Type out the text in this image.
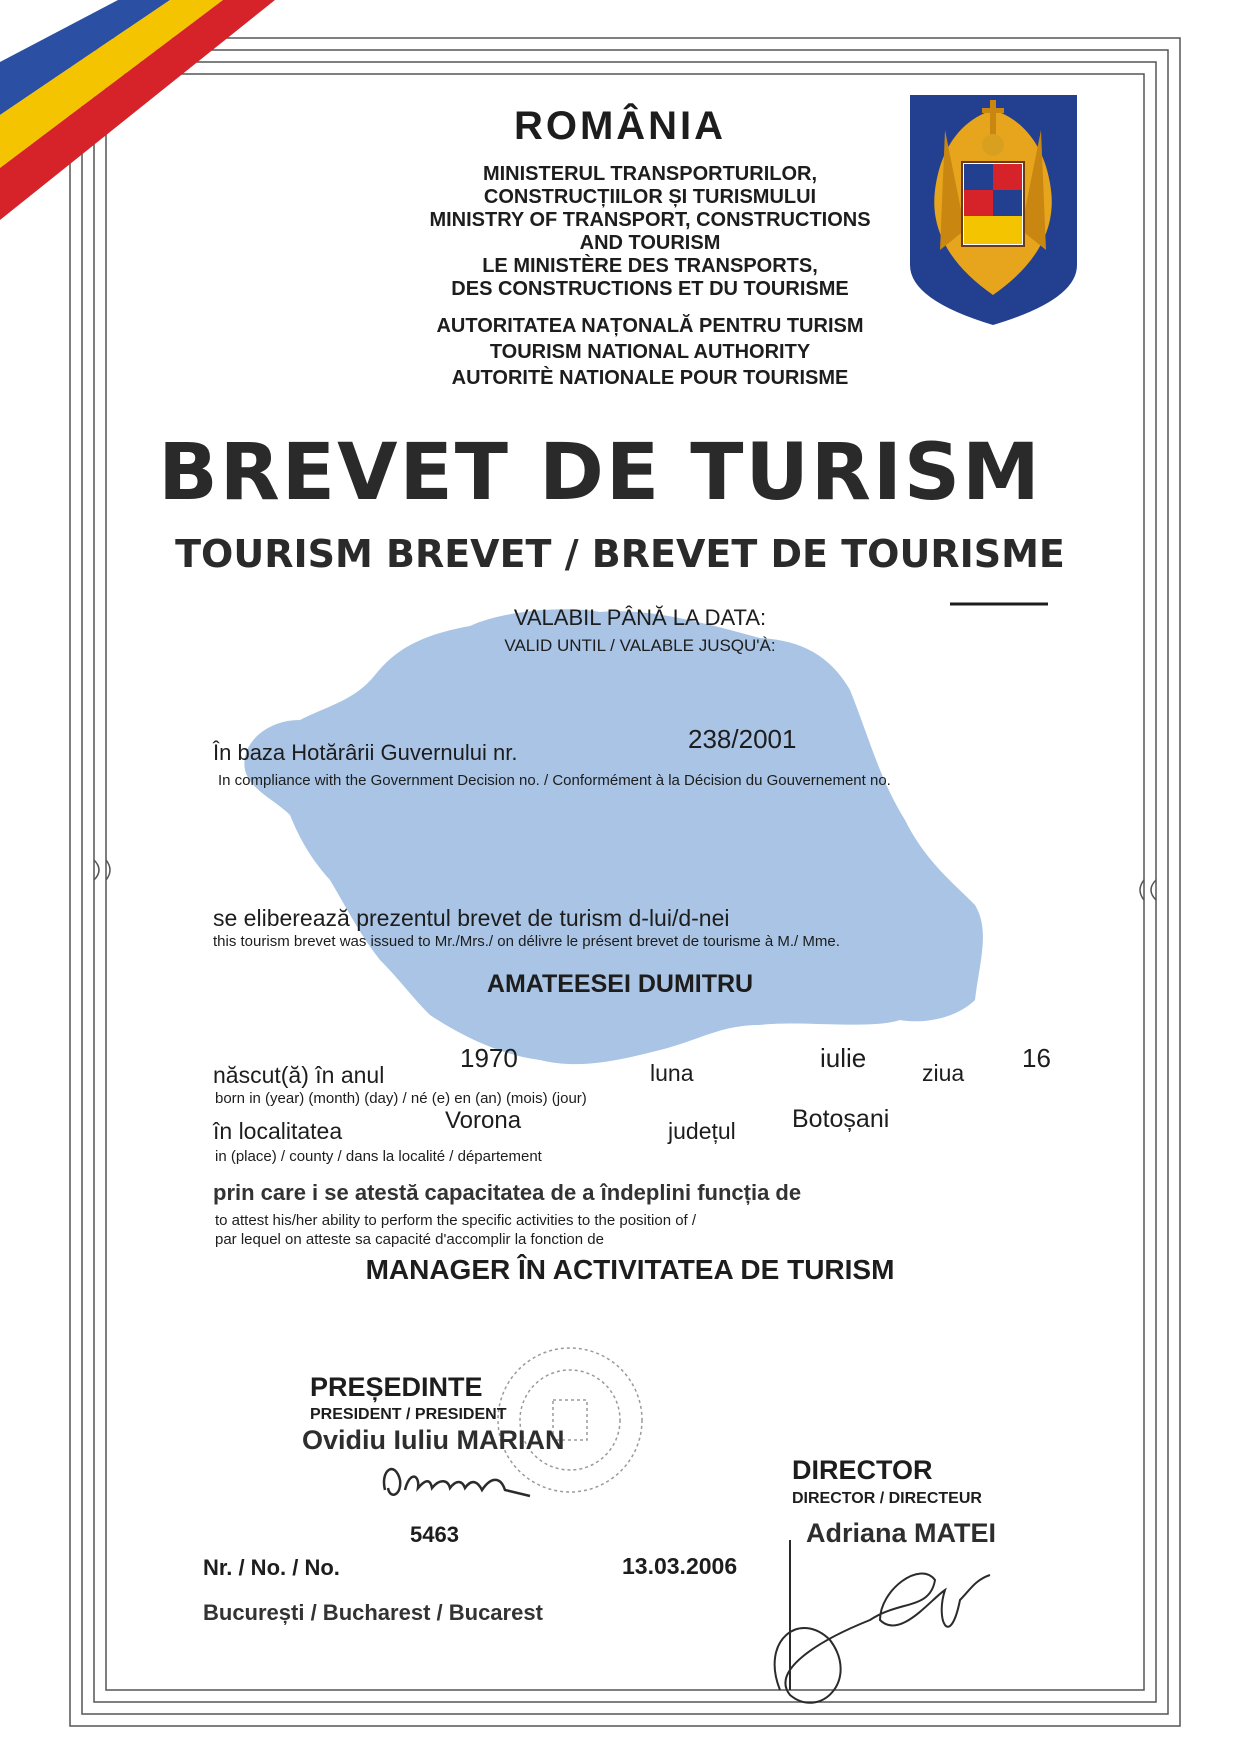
ROMÂNIA
MINISTERUL TRANSPORTURILOR,
CONSTRUCȚIILOR ȘI TURISMULUI
MINISTRY OF TRANSPORT, CONSTRUCTIONS
AND TOURISM
LE MINISTÈRE DES TRANSPORTS,
DES CONSTRUCTIONS ET DU TOURISME
AUTORITATEA NAȚONALĂ PENTRU TURISM
TOURISM NATIONAL AUTHORITY
AUTORITÈ NATIONALE POUR TOURISME
BREVET DE TURISM
TOURISM BREVET / BREVET DE TOURISME
VALABIL PÂNĂ LA DATA:
VALID UNTIL / VALABLE JUSQU'À:
În baza Hotărârii Guvernului nr.	238/2001
In compliance with the Government Decision no. / Conformément à la Décision du Gouvernement no.
se eliberează prezentul brevet de turism d-lui/d-nei
this tourism brevet was issued to Mr./Mrs./ on délivre le présent brevet de tourisme à M./ Mme.
AMATEESEI DUMITRU
născut(ă) în anul
1970	luna	iulie ziua 16
born in (year) (month) (day) / né (e) en (an) (mois) (jour)
în localitatea	Vorona	județul Botoșani
in (place) / county / dans la localité / département
prin care i se atestă capacitatea de a îndeplini funcția de
to attest his/her ability to perform the specific activities to the position of /
par lequel on atteste sa capacité d'accomplir la fonction de
MANAGER ÎN ACTIVITATEA DE TURISM
PREȘEDINTE
PRESIDENT / PRESIDENT
Ovidiu Iuliu MARIAN
DIRECTOR
DIRECTOR / DIRECTEUR
Adriana MATEI
5463
Nr. / No. / No.	13.03.2006
București / Bucharest / Bucarest
